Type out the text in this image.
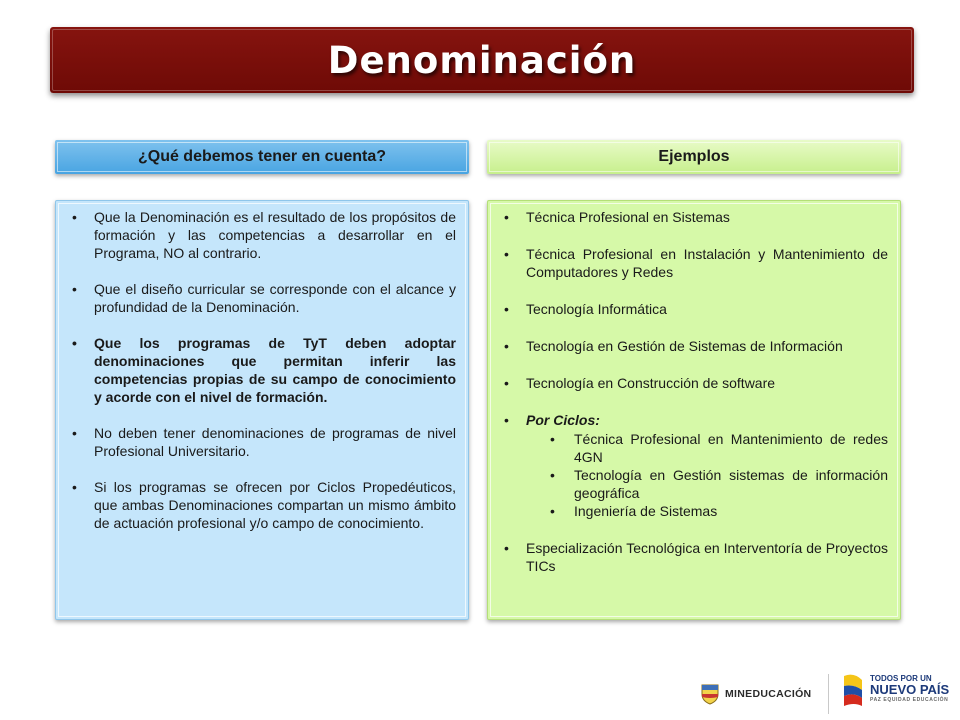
Denominación
¿Qué debemos tener en cuenta?	Ejemplos
• Que la Denominación es el resultado de los propósitos de formación y las competencias a desarrollar en el Programa, NO al contrario.
• Que el diseño curricular se corresponde con el alcance y profundidad de la Denominación.
• Que los programas de TyT deben adoptar denominaciones que permitan inferir las competencias propias de su campo de conocimiento y acorde con el nivel de formación.
• No deben tener denominaciones de programas de nivel Profesional Universitario.
• Si los programas se ofrecen por Ciclos Propedéuticos, que ambas Denominaciones compartan un mismo ámbito de actuación profesional y/o campo de conocimiento.
• Técnica Profesional en Sistemas
• Técnica Profesional en Instalación y Mantenimiento de Computadores y Redes
• Tecnología Informática
• Tecnología en Gestión de Sistemas de Información
• Tecnología en Construcción de software
• Por Ciclos:
• Técnica Profesional en Mantenimiento de redes 4GN
• Tecnología en Gestión sistemas de información geográfica
• Ingeniería de Sistemas
• Especialización Tecnológica en Interventoría de Proyectos TICs
MINEDUCACIÓN
TODOS POR UN
NUEVO PAÍS
PAZ EQUIDAD EDUCACIÓN
